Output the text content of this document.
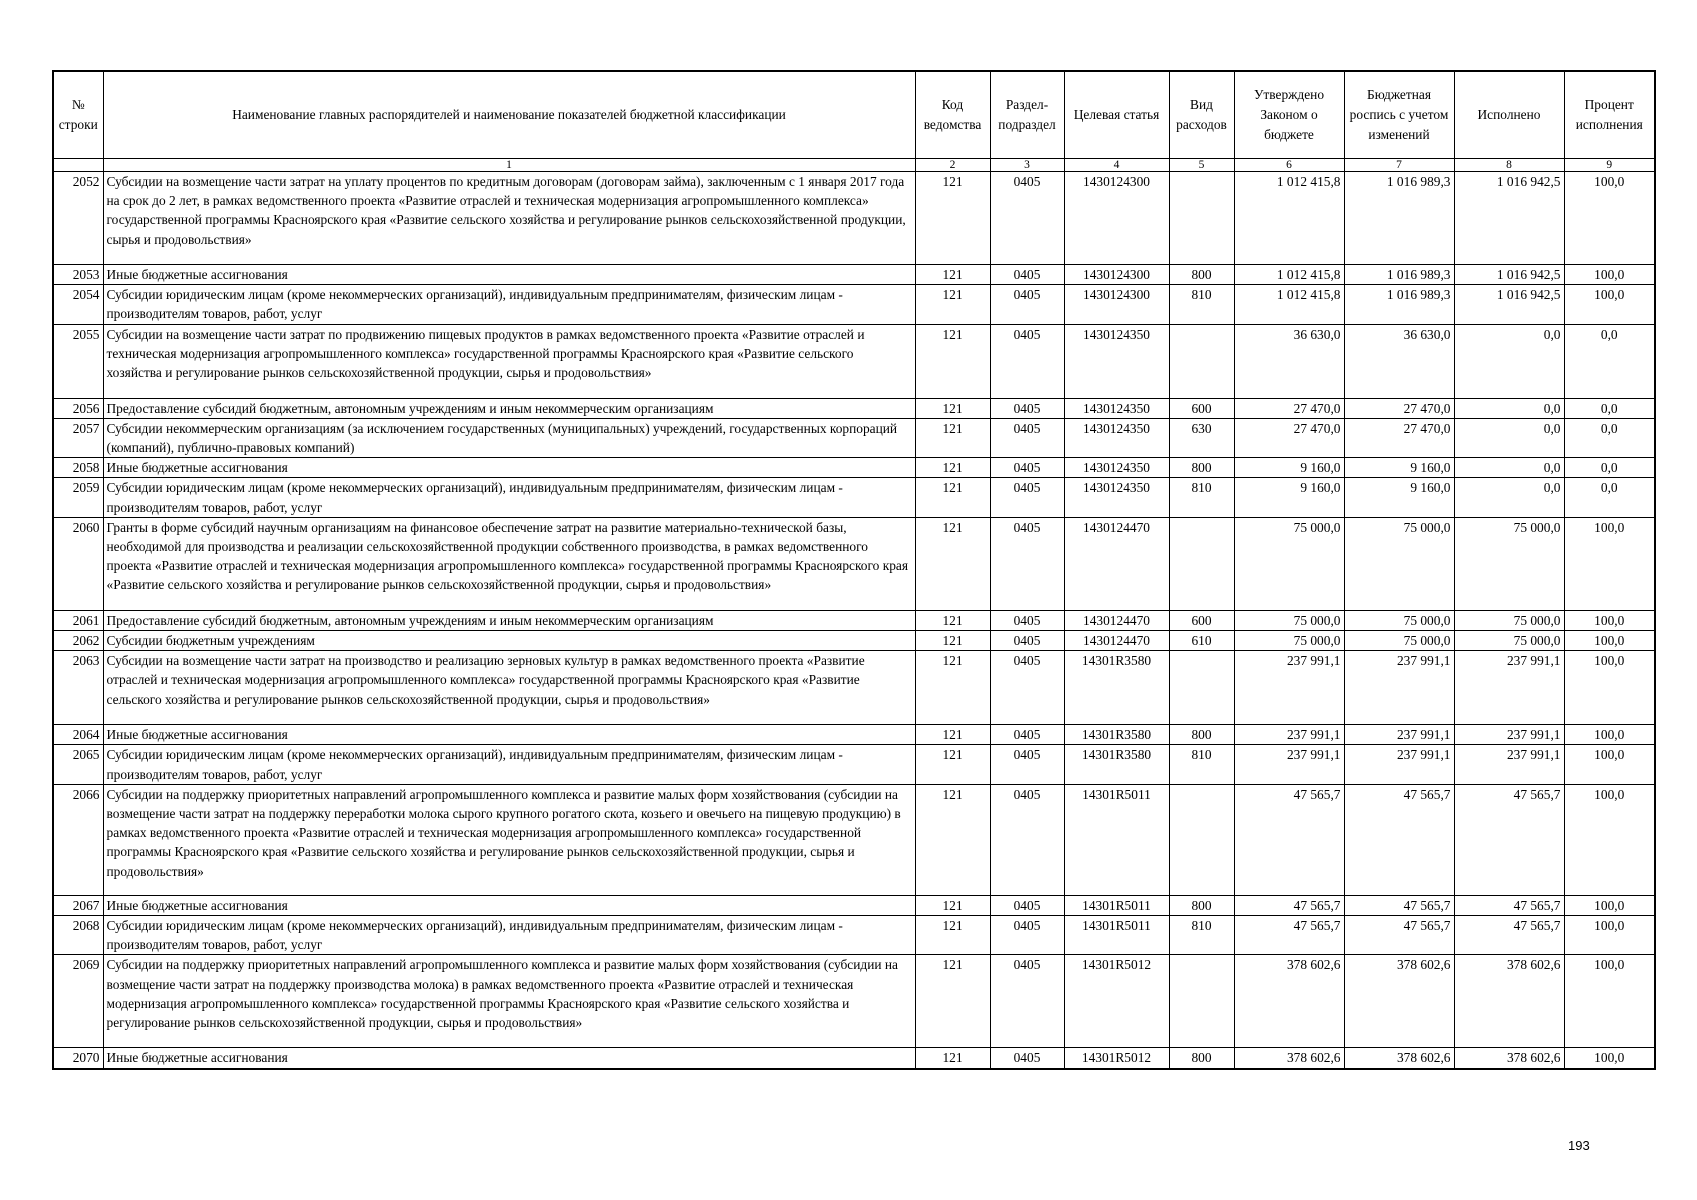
№ строки	Наименование главных распорядителей и наименование показателей бюджетной классификации	Код ведомства	Раздел-подраздел	Целевая статья	Вид расходов	Утверждено Законом о бюджете	Бюджетная роспись с учетом изменений	Исполнено	Процент исполнения
	1	2	3	4	5	6	7	8	9
2052	Субсидии на возмещение части затрат на уплату процентов по кредитным договорам (договорам займа), заключенным с 1 января 2017 года на срок до 2 лет, в рамках ведомственного проекта «Развитие отраслей и техническая модернизация агропромышленного комплекса» государственной программы Красноярского края «Развитие сельского хозяйства и регулирование рынков сельскохозяйственной продукции, сырья и продовольствия»	121	0405	1430124300		1 012 415,8	1 016 989,3	1 016 942,5	100,0
2053	Иные бюджетные ассигнования	121	0405	1430124300	800	1 012 415,8	1 016 989,3	1 016 942,5	100,0
2054	Субсидии юридическим лицам (кроме некоммерческих организаций), индивидуальным предпринимателям, физическим лицам - производителям товаров, работ, услуг	121	0405	1430124300	810	1 012 415,8	1 016 989,3	1 016 942,5	100,0
2055	Субсидии на возмещение части затрат по продвижению пищевых продуктов в рамках ведомственного проекта «Развитие отраслей и техническая модернизация агропромышленного комплекса» государственной программы Красноярского края «Развитие сельского хозяйства и регулирование рынков сельскохозяйственной продукции, сырья и продовольствия»	121	0405	1430124350		36 630,0	36 630,0	0,0	0,0
2056	Предоставление субсидий бюджетным, автономным учреждениям и иным некоммерческим организациям	121	0405	1430124350	600	27 470,0	27 470,0	0,0	0,0
2057	Субсидии некоммерческим организациям (за исключением государственных (муниципальных) учреждений, государственных корпораций (компаний), публично-правовых компаний)	121	0405	1430124350	630	27 470,0	27 470,0	0,0	0,0
2058	Иные бюджетные ассигнования	121	0405	1430124350	800	9 160,0	9 160,0	0,0	0,0
2059	Субсидии юридическим лицам (кроме некоммерческих организаций), индивидуальным предпринимателям, физическим лицам - производителям товаров, работ, услуг	121	0405	1430124350	810	9 160,0	9 160,0	0,0	0,0
2060	Гранты в форме субсидий научным организациям на финансовое обеспечение затрат на развитие материально-технической базы, необходимой для производства и реализации сельскохозяйственной продукции собственного производства, в рамках ведомственного проекта «Развитие отраслей и техническая модернизация агропромышленного комплекса» государственной программы Красноярского края «Развитие сельского хозяйства и регулирование рынков сельскохозяйственной продукции, сырья и продовольствия»	121	0405	1430124470		75 000,0	75 000,0	75 000,0	100,0
2061	Предоставление субсидий бюджетным, автономным учреждениям и иным некоммерческим организациям	121	0405	1430124470	600	75 000,0	75 000,0	75 000,0	100,0
2062	Субсидии бюджетным учреждениям	121	0405	1430124470	610	75 000,0	75 000,0	75 000,0	100,0
2063	Субсидии на возмещение части затрат на производство и реализацию зерновых культур в рамках ведомственного проекта «Развитие отраслей и техническая модернизация агропромышленного комплекса» государственной программы Красноярского края «Развитие сельского хозяйства и регулирование рынков сельскохозяйственной продукции, сырья и продовольствия»	121	0405	14301R3580		237 991,1	237 991,1	237 991,1	100,0
2064	Иные бюджетные ассигнования	121	0405	14301R3580	800	237 991,1	237 991,1	237 991,1	100,0
2065	Субсидии юридическим лицам (кроме некоммерческих организаций), индивидуальным предпринимателям, физическим лицам - производителям товаров, работ, услуг	121	0405	14301R3580	810	237 991,1	237 991,1	237 991,1	100,0
2066	Субсидии на поддержку приоритетных направлений агропромышленного комплекса и развитие малых форм хозяйствования (субсидии на возмещение части затрат на поддержку переработки молока сырого крупного рогатого скота, козьего и овечьего на пищевую продукцию) в рамках ведомственного проекта «Развитие отраслей и техническая модернизация агропромышленного комплекса» государственной программы Красноярского края «Развитие сельского хозяйства и регулирование рынков сельскохозяйственной продукции, сырья и продовольствия»	121	0405	14301R5011		47 565,7	47 565,7	47 565,7	100,0
2067	Иные бюджетные ассигнования	121	0405	14301R5011	800	47 565,7	47 565,7	47 565,7	100,0
2068	Субсидии юридическим лицам (кроме некоммерческих организаций), индивидуальным предпринимателям, физическим лицам - производителям товаров, работ, услуг	121	0405	14301R5011	810	47 565,7	47 565,7	47 565,7	100,0
2069	Субсидии на поддержку приоритетных направлений агропромышленного комплекса и развитие малых форм хозяйствования (субсидии на возмещение части затрат на поддержку производства молока) в рамках ведомственного проекта «Развитие отраслей и техническая модернизация агропромышленного комплекса» государственной программы Красноярского края «Развитие сельского хозяйства и регулирование рынков сельскохозяйственной продукции, сырья и продовольствия»	121	0405	14301R5012		378 602,6	378 602,6	378 602,6	100,0
2070	Иные бюджетные ассигнования	121	0405	14301R5012	800	378 602,6	378 602,6	378 602,6	100,0
193
